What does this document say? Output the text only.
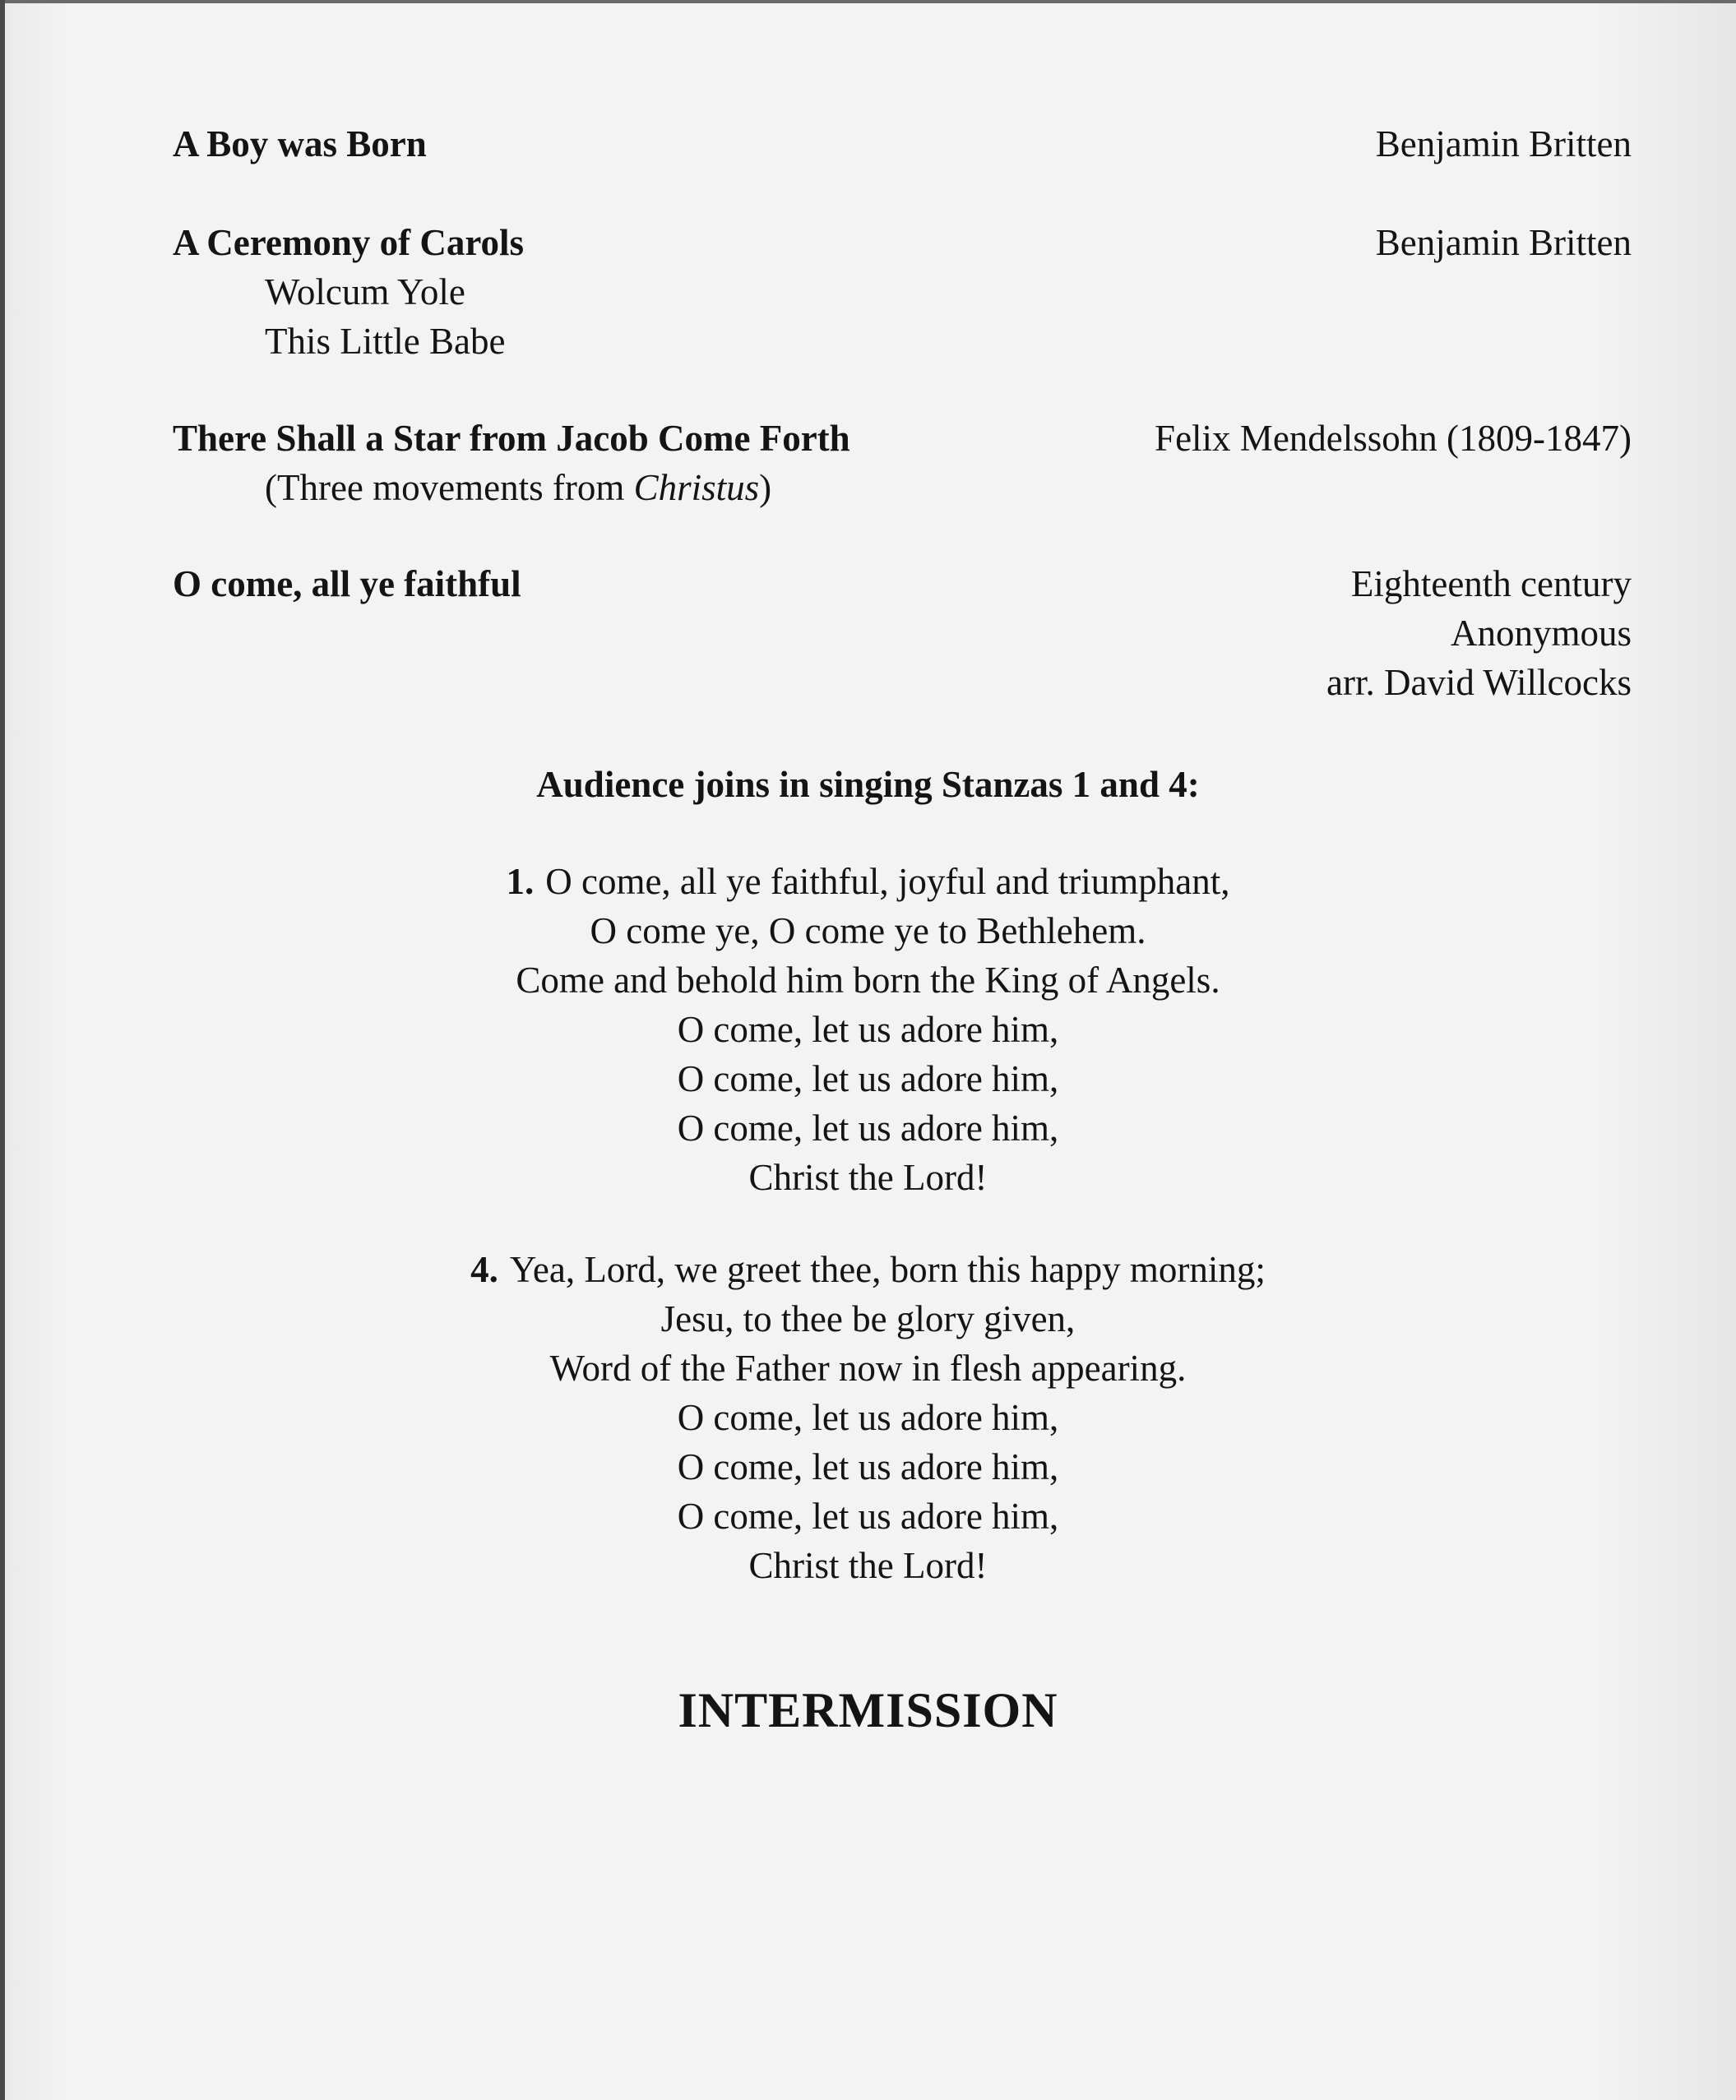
A Boy was Born	Benjamin Britten
A Ceremony of Carols	Benjamin Britten
Wolcum Yole
This Little Babe
There Shall a Star from Jacob Come Forth	Felix Mendelssohn (1809-1847)
(Three movements from Christus)
O come, all ye faithful	Eighteenth century
Anonymous
arr. David Willcocks
Audience joins in singing Stanzas 1 and 4:
1. O come, all ye faithful, joyful and triumphant,
O come ye, O come ye to Bethlehem.
Come and behold him born the King of Angels.
O come, let us adore him,
O come, let us adore him,
O come, let us adore him,
Christ the Lord!
4. Yea, Lord, we greet thee, born this happy morning;
Jesu, to thee be glory given,
Word of the Father now in flesh appearing.
O come, let us adore him,
O come, let us adore him,
O come, let us adore him,
Christ the Lord!
INTERMISSION
